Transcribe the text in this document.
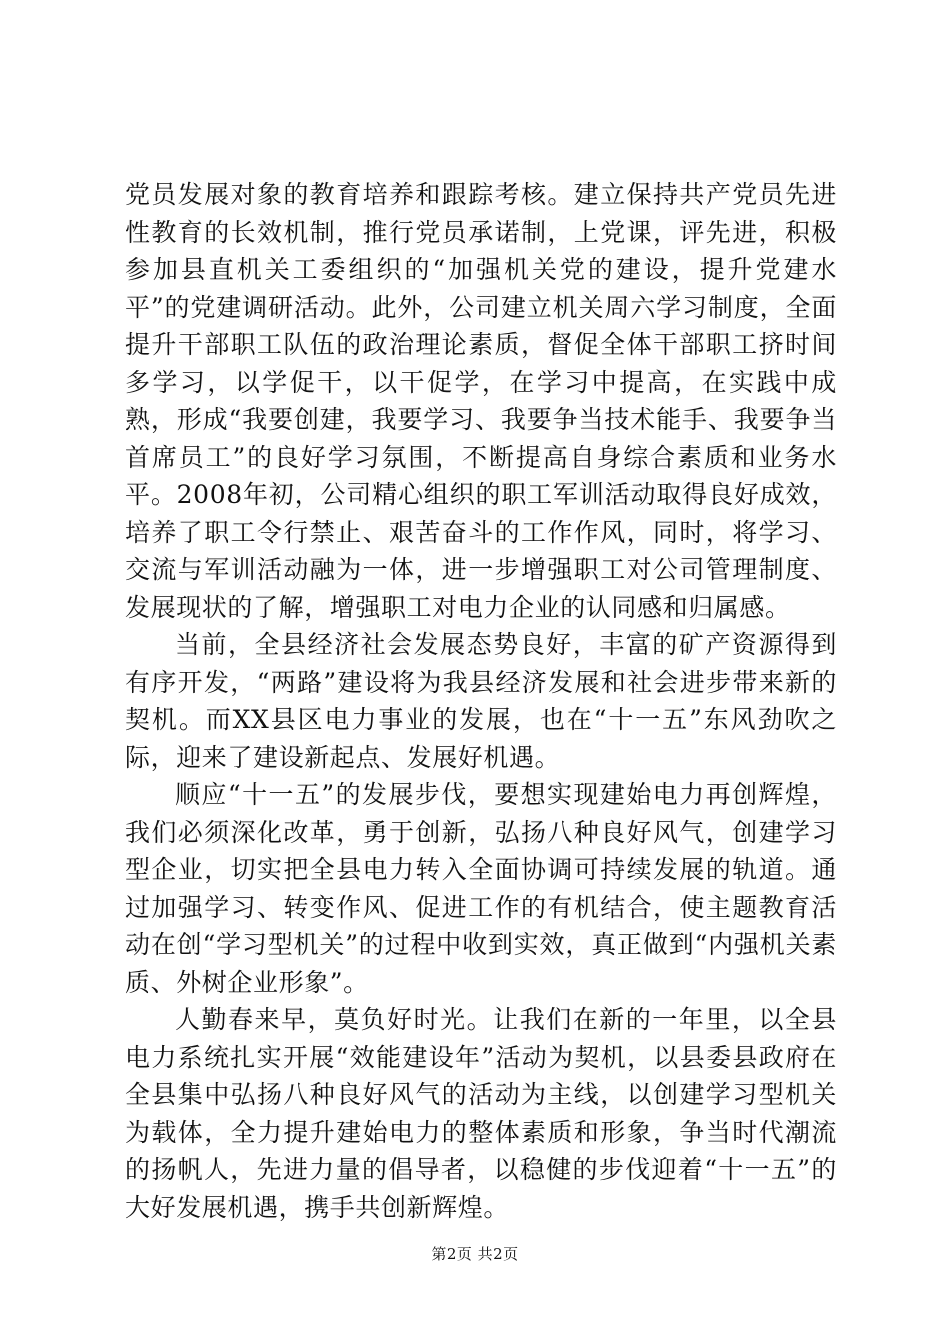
党员发展对象的教育培养和跟踪考核。建立保持共产党员先进性教育的长效机制，推行党员承诺制，上党课，评先进，积极参加县直机关工委组织的“加强机关党的建设，提升党建水平”的党建调研活动。此外，公司建立机关周六学习制度，全面提升干部职工队伍的政治理论素质，督促全体干部职工挤时间多学习，以学促干，以干促学，在学习中提高，在实践中成熟，形成“我要创建，我要学习、我要争当技术能手、我要争当首席员工”的良好学习氛围，不断提高自身综合素质和业务水平。2008年初，公司精心组织的职工军训活动取得良好成效，培养了职工令行禁止、艰苦奋斗的工作作风，同时，将学习、交流与军训活动融为一体，进一步增强职工对公司管理制度、发展现状的了解，增强职工对电力企业的认同感和归属感。

当前，全县经济社会发展态势良好，丰富的矿产资源得到有序开发，“两路”建设将为我县经济发展和社会进步带来新的契机。而XX县区电力事业的发展，也在“十一五”东风劲吹之际，迎来了建设新起点、发展好机遇。

顺应“十一五”的发展步伐，要想实现建始电力再创辉煌，我们必须深化改革，勇于创新，弘扬八种良好风气，创建学习型企业，切实把全县电力转入全面协调可持续发展的轨道。通过加强学习、转变作风、促进工作的有机结合，使主题教育活动在创“学习型机关”的过程中收到实效，真正做到“内强机关素质、外树企业形象”。

人勤春来早，莫负好时光。让我们在新的一年里，以全县电力系统扎实开展“效能建设年”活动为契机，以县委县政府在全县集中弘扬八种良好风气的活动为主线，以创建学习型机关为载体，全力提升建始电力的整体素质和形象，争当时代潮流的扬帆人，先进力量的倡导者，以稳健的步伐迎着“十一五”的大好发展机遇，携手共创新辉煌。

第2页 共2页
